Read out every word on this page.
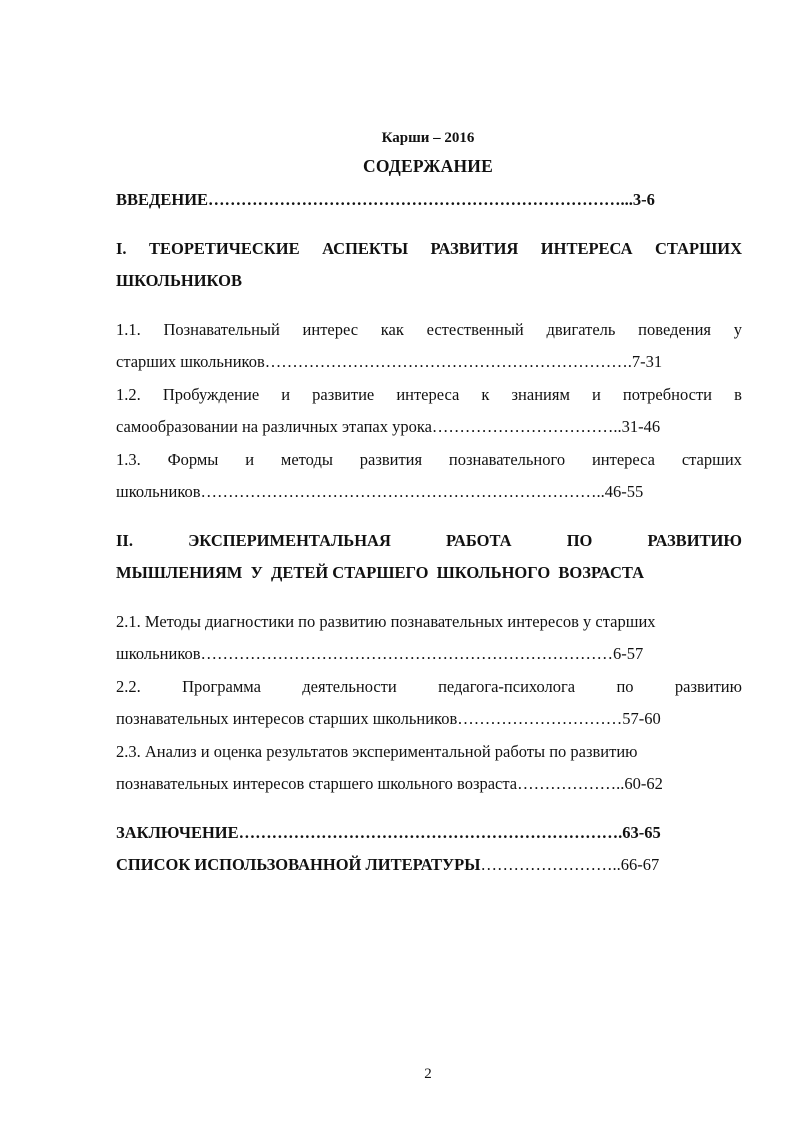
Карши – 2016
СОДЕРЖАНИЕ
ВВЕДЕНИЕ…………………………………………………………………...3-6
I. ТЕОРЕТИЧЕСКИЕ АСПЕКТЫ РАЗВИТИЯ ИНТЕРЕСА СТАРШИХ
ШКОЛЬНИКОВ
1.1. Познавательный интерес как естественный двигатель поведения у
старших школьников………………………………………………………….7-31
1.2. Пробуждение и развитие интереса к знаниям и потребности в
самообразовании на различных этапах урока……………………………..31-46
1.3. Формы и методы развития познавательного интереса старших
школьников………………………………………………………………..46-55
II.	ЭКСПЕРИМЕНТАЛЬНАЯ	РАБОТА	ПО	РАЗВИТИЮ
МЫШЛЕНИЯМ  У  ДЕТЕЙ СТАРШЕГО  ШКОЛЬНОГО  ВОЗРАСТА
2.1. Методы диагностики по развитию познавательных интересов у старших
школьников…………………………………………………………………6-57
2.2.	Программа	деятельности	педагога-психолога	по	развитию
познавательных интересов старших школьников…………………………57-60
2.3. Анализ и оценка результатов экспериментальной работы по развитию
познавательных интересов старшего школьного возраста………………..60-62
ЗАКЛЮЧЕНИЕ…………………………………………………………….63-65
СПИСОК ИСПОЛЬЗОВАННОЙ ЛИТЕРАТУРЫ……………………..66-67
2
